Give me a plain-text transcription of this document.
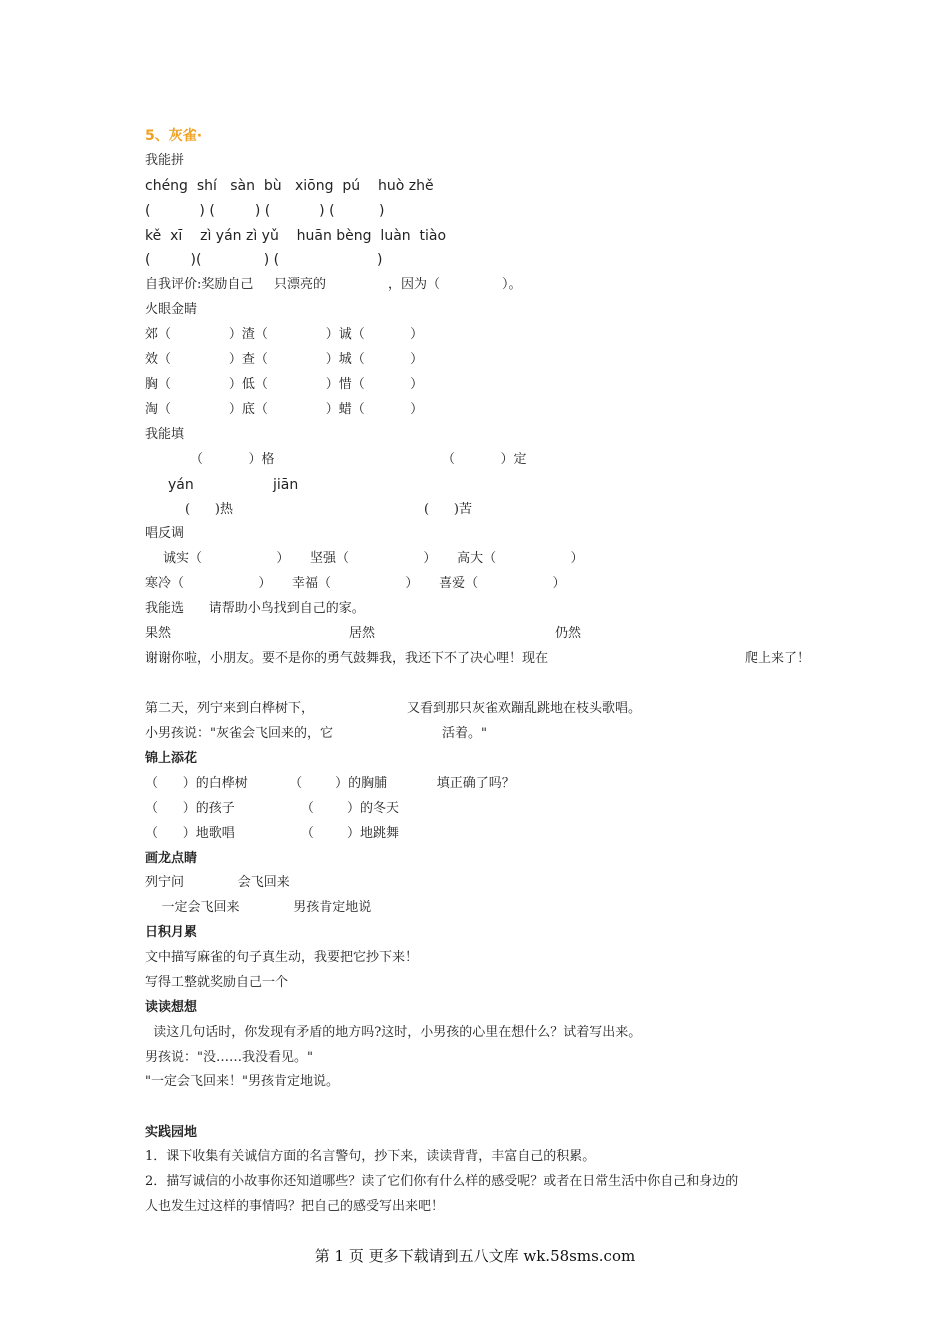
5、灰雀·
我能拼
chéng  shí   sàn  bù   xiōng  pú    huò zhě
(           ) (         ) (           ) (          )
kě  xī    zì yán zì yǔ    huān bèng  luàn  tiào
(         )(              ) (                      )
自我评价:奖励自己     只漂亮的               ，因为（               ）。
火眼金睛
郊（              ）渣（              ）诚（           ）
效（              ）查（              ）城（           ）
胸（              ）低（              ）惜（           ）
淘（              ）底（              ）蜡（           ）
我能填
（           ）格	（           ）定
yán	jiān
(      )热	(      )苦
唱反调
诚实（                  ）     坚强（                  ）     高大（                  ）
寒冷（                  ）     幸福（                  ）     喜爱（                  ）
我能选      请帮助小鸟找到自己的家。
果然	居然	仍然
谢谢你啦，小朋友。要不是你的勇气鼓舞我，我还下不了决心哩！现在	爬上来了！
第二天，列宁来到白桦树下，	又看到那只灰雀欢蹦乱跳地在枝头歌唱。
小男孩说："灰雀会飞回来的，它	活着。"
锦上添花
（      ）的白桦树          （        ）的胸脯            填正确了吗？
（      ）的孩子                （        ）的冬天
（      ）地歌唱                （        ）地跳舞
画龙点睛
列宁问             会飞回来
一定会飞回来             男孩肯定地说
日积月累
文中描写麻雀的句子真生动，我要把它抄下来！
写得工整就奖励自己一个
读读想想
读这几句话时，你发现有矛盾的地方吗?这时，小男孩的心里在想什么？试着写出来。
男孩说："没……我没看见。"
"一定会飞回来！"男孩肯定地说。
实践园地
1．课下收集有关诚信方面的名言警句，抄下来，读读背背，丰富自己的积累。
2．描写诚信的小故事你还知道哪些？读了它们你有什么样的感受呢？或者在日常生活中你自己和身边的
人也发生过这样的事情吗？把自己的感受写出来吧！
第 1 页 更多下载请到五八文库 wk.58sms.com
